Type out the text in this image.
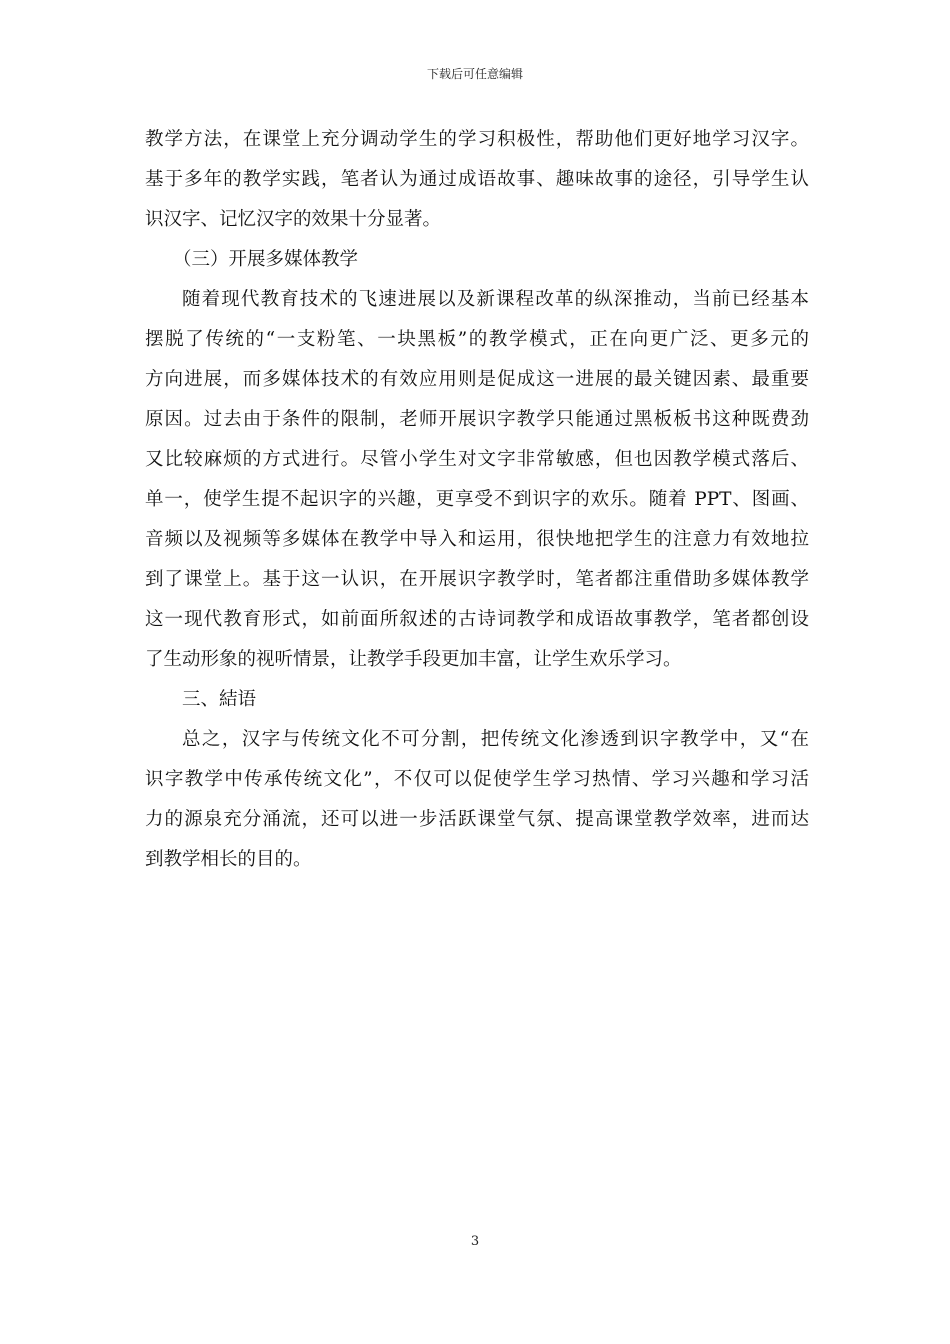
下载后可任意编辑
教学方法，在课堂上充分调动学生的学习积极性，帮助他们更好地学习汉字。
基于多年的教学实践，笔者认为通过成语故事、趣味故事的途径，引导学生认
识汉字、记忆汉字的效果十分显著。
（三）开展多媒体教学
随着现代教育技术的飞速进展以及新课程改革的纵深推动，当前已经基本
摆脱了传统的“一支粉笔、一块黑板”的教学模式，正在向更广泛、更多元的
方向进展，而多媒体技术的有效应用则是促成这一进展的最关键因素、最重要
原因。过去由于条件的限制，老师开展识字教学只能通过黑板板书这种既费劲
又比较麻烦的方式进行。尽管小学生对文字非常敏感，但也因教学模式落后、
单一，使学生提不起识字的兴趣，更享受不到识字的欢乐。随着 PPT、图画、
音频以及视频等多媒体在教学中导入和运用，很快地把学生的注意力有效地拉
到了课堂上。基于这一认识，在开展识字教学时，笔者都注重借助多媒体教学
这一现代教育形式，如前面所叙述的古诗词教学和成语故事教学，笔者都创设
了生动形象的视听情景，让教学手段更加丰富，让学生欢乐学习。
三、結语
总之，汉字与传统文化不可分割，把传统文化渗透到识字教学中，又“在
识字教学中传承传统文化”，不仅可以促使学生学习热情、学习兴趣和学习活
力的源泉充分涌流，还可以进一步活跃课堂气氛、提高课堂教学效率，进而达
到教学相长的目的。
3
